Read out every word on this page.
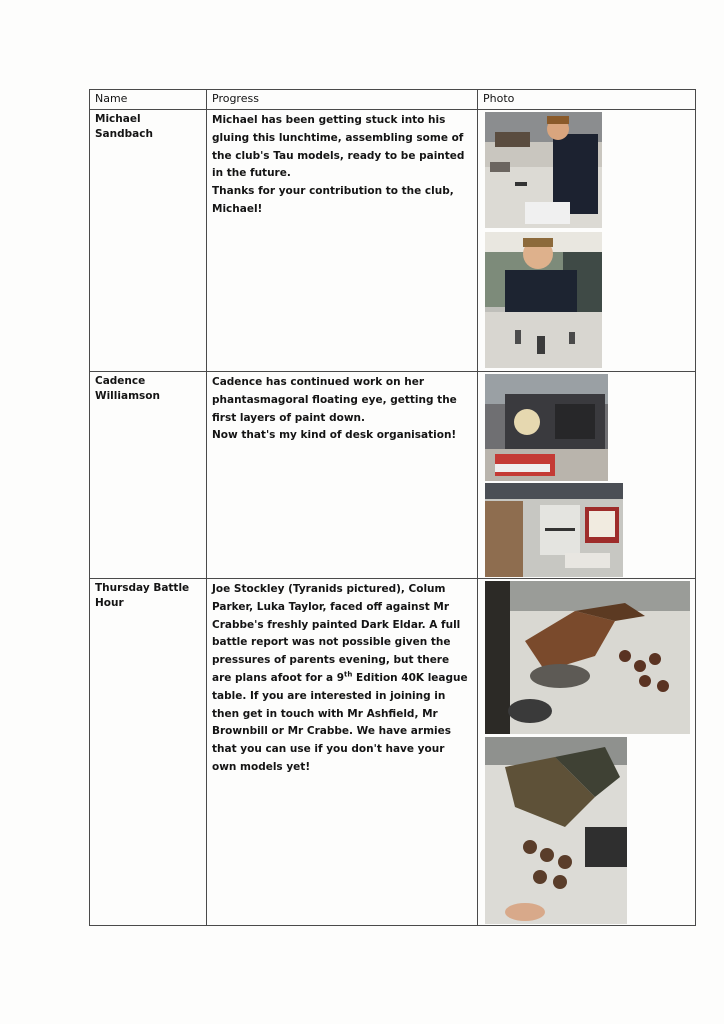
Name	Progress	Photo
Michael Sandbach	Michael has been getting stuck into his gluing this lunchtime, assembling some of the club's Tau models, ready to be painted in the future.

Thanks for your contribution to the club, Michael!

Cadence Williamson	Cadence has continued work on her phantasmagoral floating eye, getting the first layers of paint down.

Now that's my kind of desk organisation!

Thursday Battle Hour	Joe Stockley (Tyranids pictured), Colum Parker, Luka Taylor, faced off against Mr Crabbe's freshly painted Dark Eldar. A full battle report was not possible given the pressures of parents evening, but there are plans afoot for a 9th Edition 40K league table. If you are interested in joining in then get in touch with Mr Ashfield, Mr Brownbill or Mr Crabbe. We have armies that you can use if you don't have your own models yet!
